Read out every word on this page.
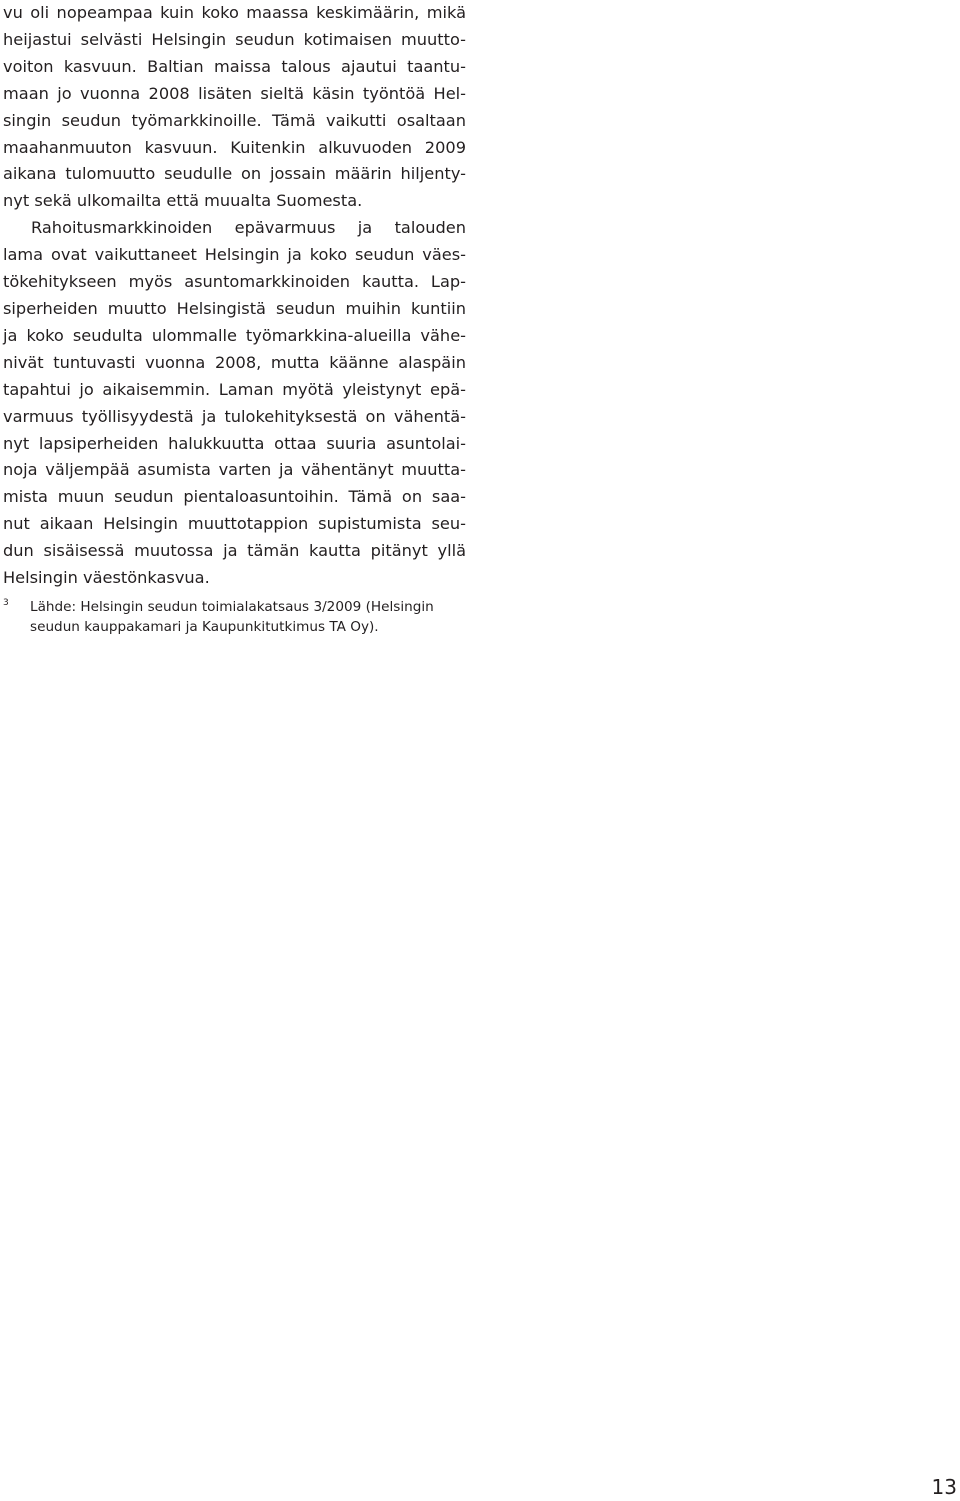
vu oli nopeampaa kuin koko maassa keskimäärin, mikä
heijastui selvästi Helsingin seudun kotimaisen muutto-
voiton kasvuun. Baltian maissa talous ajautui taantu-
maan jo vuonna 2008 lisäten sieltä käsin työntöä Hel-
singin seudun työmarkkinoille. Tämä vaikutti osaltaan
maahanmuuton kasvuun. Kuitenkin alkuvuoden 2009
aikana tulomuutto seudulle on jossain määrin hiljenty-
nyt sekä ulkomailta että muualta Suomesta.

Rahoitusmarkkinoiden epävarmuus ja talouden
lama ovat vaikuttaneet Helsingin ja koko seudun väes-
tökehitykseen myös asuntomarkkinoiden kautta. Lap-
siperheiden muutto Helsingistä seudun muihin kuntiin
ja koko seudulta ulommalle työmarkkina-alueilla vähe-
nivät tuntuvasti vuonna 2008, mutta käänne alaspäin
tapahtui jo aikaisemmin. Laman myötä yleistynyt epä-
varmuus työllisyydestä ja tulokehityksestä on vähentä-
nyt lapsiperheiden halukkuutta ottaa suuria asuntolai-
noja väljempää asumista varten ja vähentänyt muutta-
mista muun seudun pientaloasuntoihin. Tämä on saa-
nut aikaan Helsingin muuttotappion supistumista seu-
dun sisäisessä muutossa ja tämän kautta pitänyt yllä
Helsingin väestönkasvua.

3	Lähde: Helsingin seudun toimialakatsaus 3/2009 (Helsingin
seudun kauppakamari ja Kaupunkitutkimus TA Oy).
13
